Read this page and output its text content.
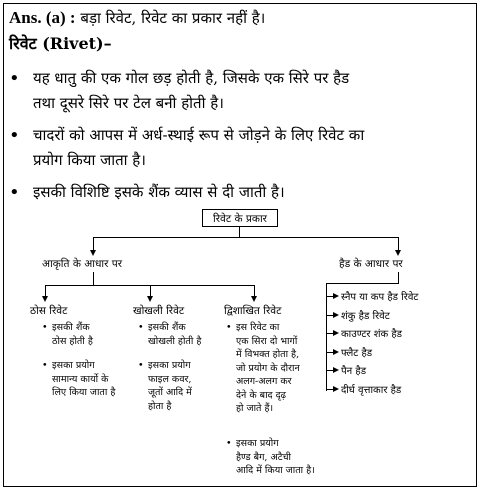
Ans. (a) : बड़ा रिवेट, रिवेट का प्रकार नहीं है।
रिवेट (Rivet)–
• यह धातु की एक गोल छड़ होती है, जिसके एक सिरे पर हैड
तथा दूसरे सिरे पर टेल बनी होती है।
• चादरों को आपस में अर्ध-स्थाई रूप से जोड़ने के लिए रिवेट का
प्रयोग किया जाता है।
• इसकी विशिष्टि इसके शैंक व्यास से दी जाती है।
रिवेट के प्रकार
आकृति के आधार पर	हैड के आधार पर
ठोस रिवेट	खोखली रिवेट	द्विशाखित रिवेट
• इसकी शैंक
ठोस होती है
• इसका प्रयोग
सामान्य कार्यो के
लिए किया जाता है
• इसकी शैंक
खोखली होती है
• इसका प्रयोग
फाइल कवर,
जूतों आदि में
होता है
• इस रिवेट का
एक सिरा दो भागों
में विभक्त होता है,
जो प्रयोग के दौरान
अलग-अलग कर
देने के बाद दृढ़
हो जाते हैं।
• इसका प्रयोग
हैण्ड बैग, अटैची
आदि में किया जाता है।
स्नैप या कप हैड रिवेट
शंकु हैड रिवेट
काउण्टर शंक हैड
फ्लैट हैड
पैन हैड
दीर्घ वृत्ताकार हैड
